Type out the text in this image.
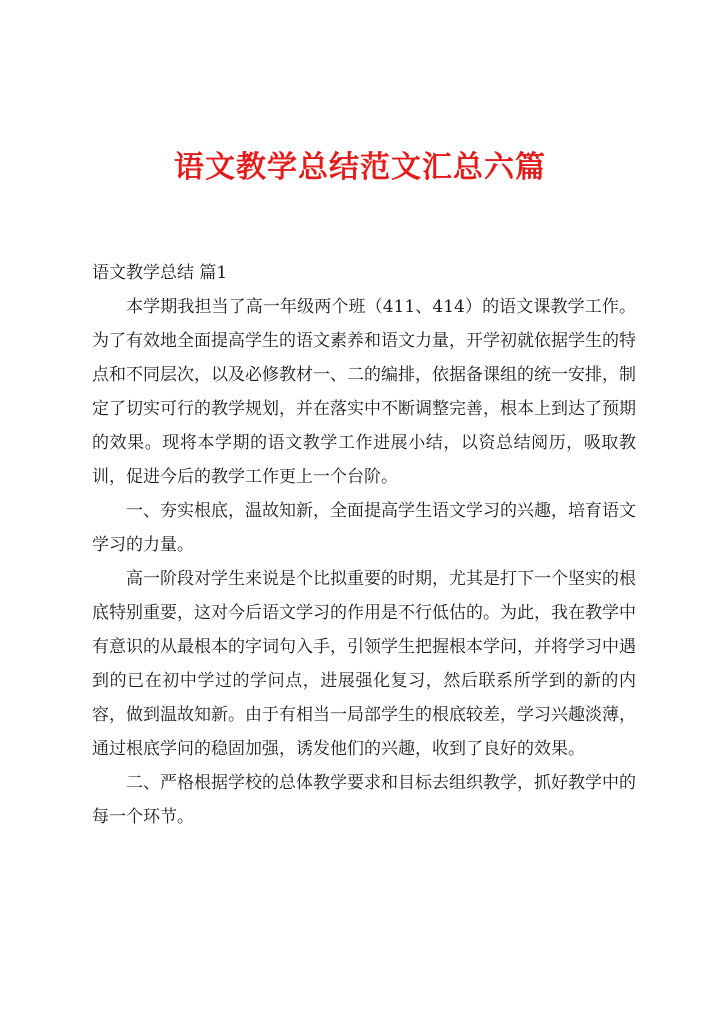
语文教学总结范文汇总六篇

语文教学总结 篇1

本学期我担当了高一年级两个班（411、414）的语文课教学工作。为了有效地全面提高学生的语文素养和语文力量，开学初就依据学生的特点和不同层次，以及必修教材一、二的编排，依据备课组的统一安排，制定了切实可行的教学规划，并在落实中不断调整完善，根本上到达了预期的效果。现将本学期的语文教学工作进展小结，以资总结阅历，吸取教训，促进今后的教学工作更上一个台阶。

一、夯实根底，温故知新，全面提高学生语文学习的兴趣，培育语文学习的力量。

高一阶段对学生来说是个比拟重要的时期，尤其是打下一个坚实的根底特别重要，这对今后语文学习的作用是不行低估的。为此，我在教学中有意识的从最根本的字词句入手，引领学生把握根本学问，并将学习中遇到的已在初中学过的学问点，进展强化复习，然后联系所学到的新的内容，做到温故知新。由于有相当一局部学生的根底较差，学习兴趣淡薄，通过根底学问的稳固加强，诱发他们的兴趣，收到了良好的效果。

二、严格根据学校的总体教学要求和目标去组织教学，抓好教学中的每一个环节。
